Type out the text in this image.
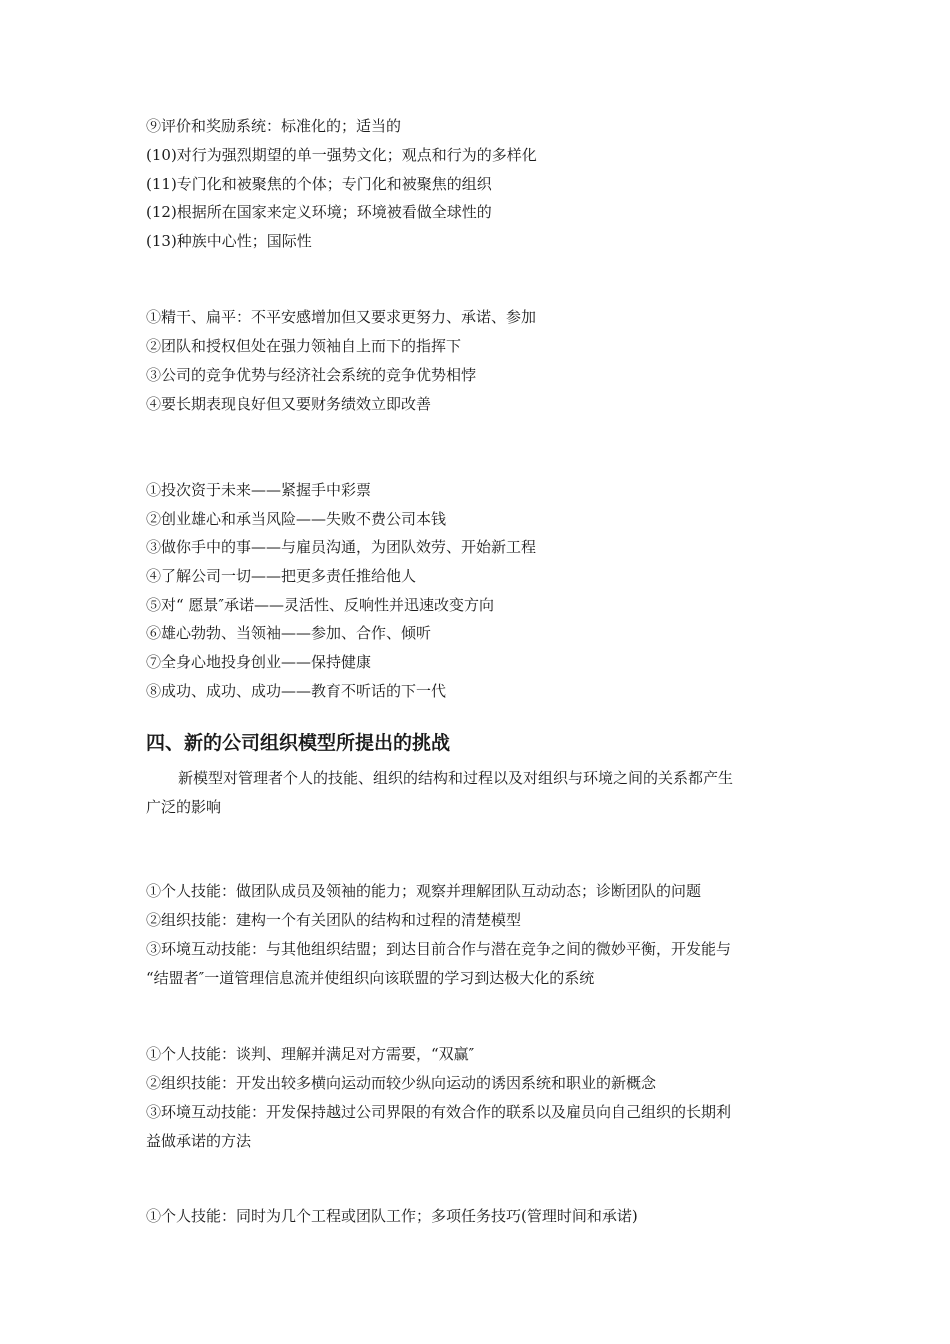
⑨评价和奖励系统：标准化的；适当的
(10)对行为强烈期望的单一强势文化；观点和行为的多样化
(11)专门化和被聚焦的个体；专门化和被聚焦的组织
(12)根据所在国家来定义环境；环境被看做全球性的
(13)种族中心性；国际性
①精干、扁平：不平安感增加但又要求更努力、承诺、参加
②团队和授权但处在强力领袖自上而下的指挥下
③公司的竞争优势与经济社会系统的竞争优势相悖
④要长期表现良好但又要财务绩效立即改善
①投次资于未来——紧握手中彩票
②创业雄心和承当风险——失败不费公司本钱
③做你手中的事——与雇员沟通，为团队效劳、开始新工程
④了解公司一切——把更多责任推给他人
⑤对“ 愿景″承诺——灵活性、反响性并迅速改变方向
⑥雄心勃勃、当领袖——参加、合作、倾听
⑦全身心地投身创业——保持健康
⑧成功、成功、成功——教育不听话的下一代
四、新的公司组织模型所提出的挑战
新模型对管理者个人的技能、组织的结构和过程以及对组织与环境之间的关系都产生
广泛的影响
①个人技能：做团队成员及领袖的能力；观察并理解团队互动动态；诊断团队的问题
②组织技能：建构一个有关团队的结构和过程的清楚模型
③环境互动技能：与其他组织结盟；到达目前合作与潜在竞争之间的微妙平衡，开发能与
“结盟者″一道管理信息流并使组织向该联盟的学习到达极大化的系统
①个人技能：谈判、理解并满足对方需要，“双赢″
②组织技能：开发出较多横向运动而较少纵向运动的诱因系统和职业的新概念
③环境互动技能：开发保持越过公司界限的有效合作的联系以及雇员向自己组织的长期利
益做承诺的方法
①个人技能：同时为几个工程或团队工作；多项任务技巧(管理时间和承诺)
